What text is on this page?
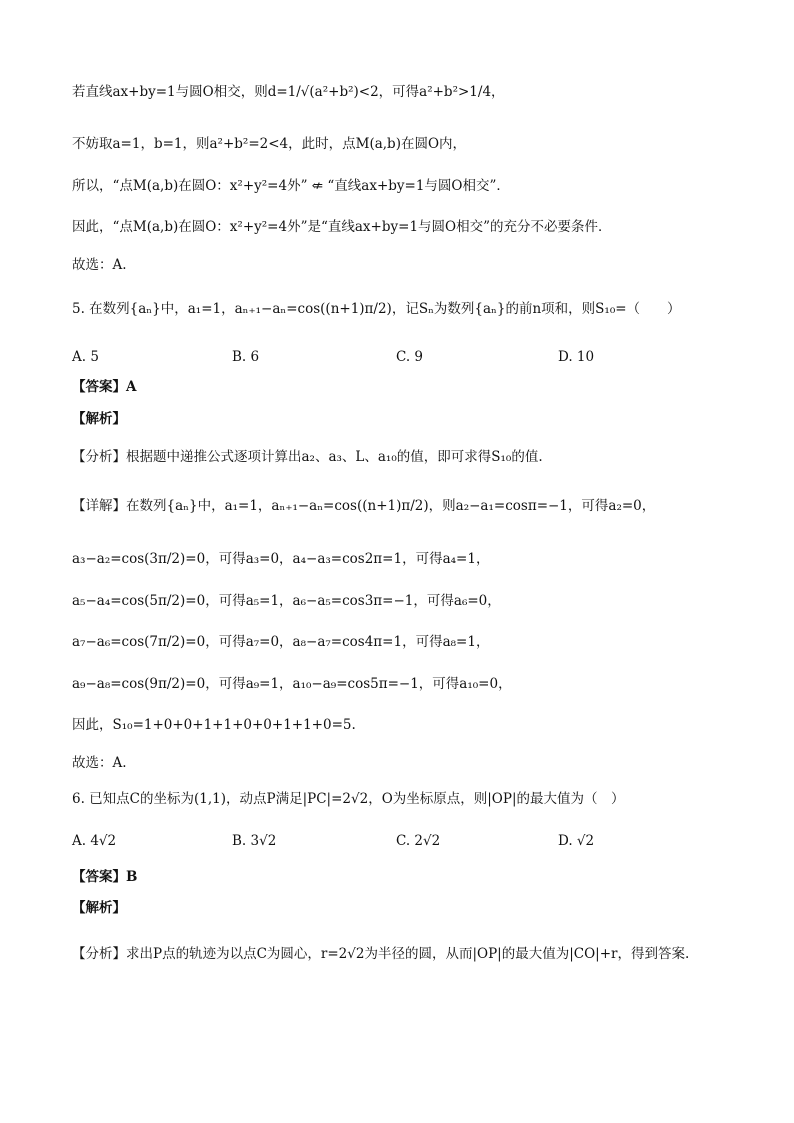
若直线ax+by=1与圆O相交，则d=1/√(a²+b²)<2，可得a²+b²>1/4，
不妨取a=1，b=1，则a²+b²=2<4，此时，点M(a,b)在圆O内，
所以，“点M(a,b)在圆O：x²+y²=4外” ⇍ “直线ax+by=1与圆O相交”．
因此，“点M(a,b)在圆O：x²+y²=4外”是“直线ax+by=1与圆O相交”的充分不必要条件．
故选：A.
5. 在数列{aₙ}中，a₁=1，aₙ₊₁−aₙ=cos((n+1)π/2)，记Sₙ为数列{aₙ}的前n项和，则S₁₀=（　　）
A. 5	B. 6	C. 9	D. 10
【答案】A
【解析】
【分析】根据题中递推公式逐项计算出a₂、a₃、L、a₁₀的值，即可求得S₁₀的值.
【详解】在数列{aₙ}中，a₁=1，aₙ₊₁−aₙ=cos((n+1)π/2)，则a₂−a₁=cosπ=−1，可得a₂=0，
a₃−a₂=cos(3π/2)=0，可得a₃=0，a₄−a₃=cos2π=1，可得a₄=1，
a₅−a₄=cos(5π/2)=0，可得a₅=1，a₆−a₅=cos3π=−1，可得a₆=0，
a₇−a₆=cos(7π/2)=0，可得a₇=0，a₈−a₇=cos4π=1，可得a₈=1，
a₉−a₈=cos(9π/2)=0，可得a₉=1，a₁₀−a₉=cos5π=−1，可得a₁₀=0，
因此，S₁₀=1+0+0+1+1+0+0+1+1+0=5.
故选：A.
6. 已知点C的坐标为(1,1)，动点P满足|PC|=2√2，O为坐标原点，则|OP|的最大值为（　）
A. 4√2	B. 3√2	C. 2√2	D. √2
【答案】B
【解析】
【分析】求出P点的轨迹为以点C为圆心，r=2√2为半径的圆，从而|OP|的最大值为|CO|+r，得到答案.
